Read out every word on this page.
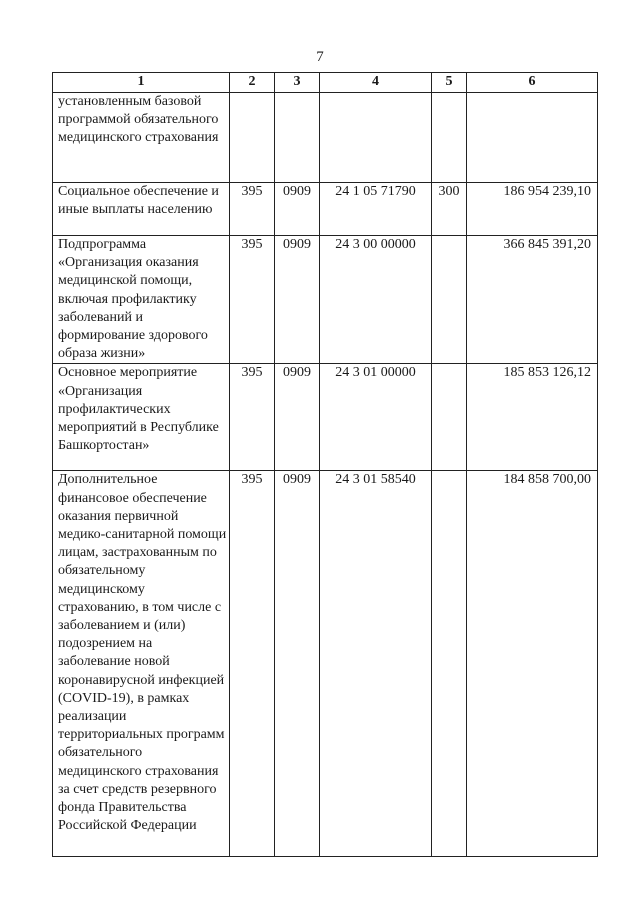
7
1	2	3	4	5	6
установленным базовой программой обязательного медицинского страхования					
Социальное обеспечение и иные выплаты населению	395	0909	24 1 05 71790	300	186 954 239,10
Подпрограмма «Организация оказания медицинской помощи, включая профилактику заболеваний и формирование здорового образа жизни»	395	0909	24 3 00 00000		366 845 391,20
Основное мероприятие «Организация профилактических мероприятий в Республике Башкортостан»	395	0909	24 3 01 00000		185 853 126,12
Дополнительное финансовое обеспечение оказания первичной медико-санитарной помощи лицам, застрахованным по обязательному медицинскому страхованию, в том числе с заболеванием и (или) подозрением на заболевание новой коронавирусной инфекцией (COVID-19), в рамках реализации территориальных программ обязательного медицинского страхования за счет средств резервного фонда Правительства Российской Федерации	395	0909	24 3 01 58540		184 858 700,00
